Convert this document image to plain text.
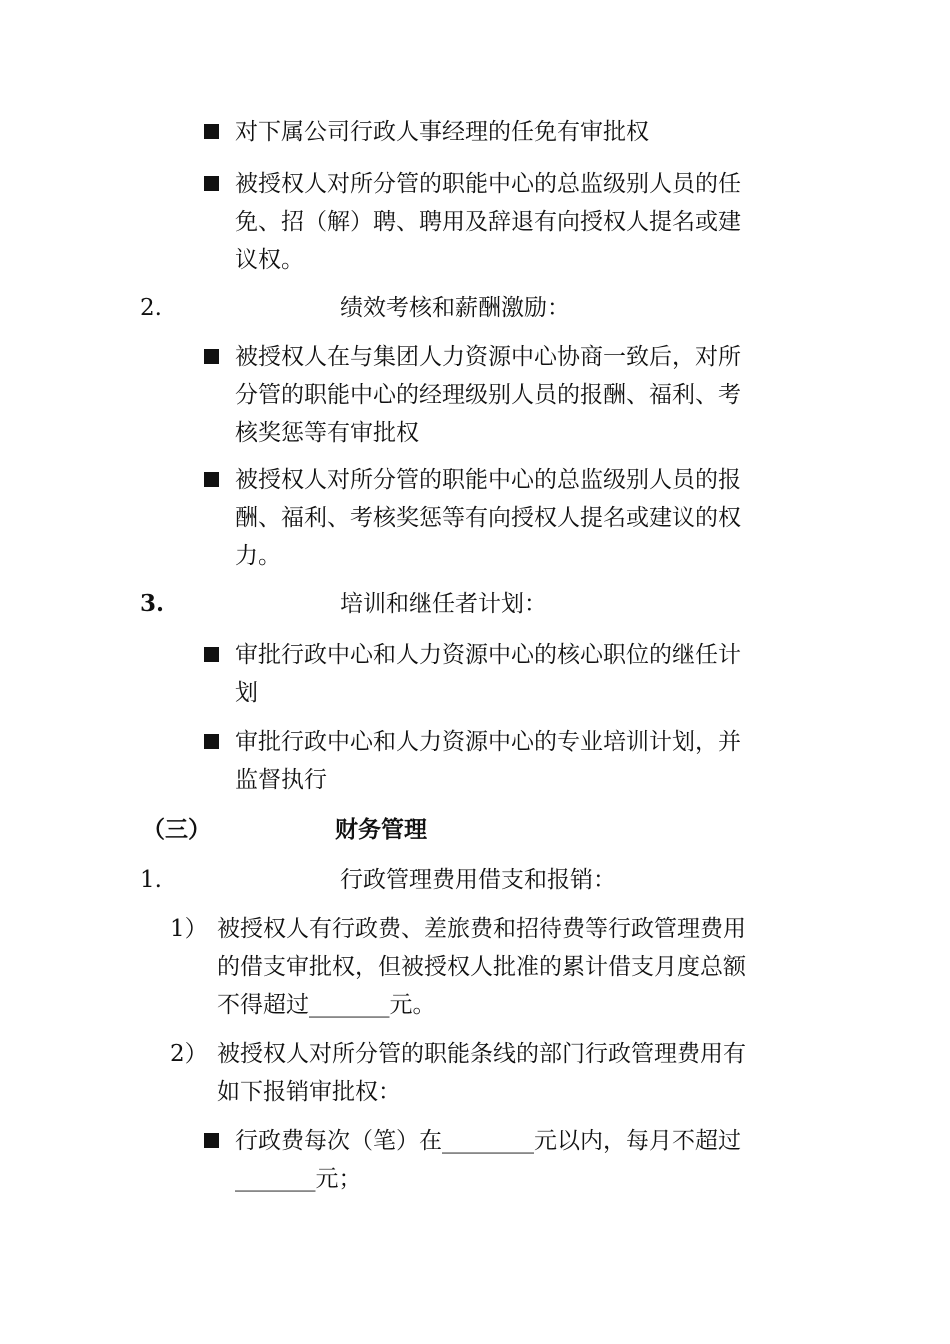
对下属公司行政人事经理的任免有审批权
被授权人对所分管的职能中心的总监级别人员的任
免、招（解）聘、聘用及辞退有向授权人提名或建
议权。
2.	绩效考核和薪酬激励：
被授权人在与集团人力资源中心协商一致后，对所
分管的职能中心的经理级别人员的报酬、福利、考
核奖惩等有审批权
被授权人对所分管的职能中心的总监级别人员的报
酬、福利、考核奖惩等有向授权人提名或建议的权
力。
3.	培训和继任者计划：
审批行政中心和人力资源中心的核心职位的继任计
划
审批行政中心和人力资源中心的专业培训计划，并
监督执行
（三）	财务管理
1.	行政管理费用借支和报销：
1） 被授权人有行政费、差旅费和招待费等行政管理费用
的借支审批权，但被授权人批准的累计借支月度总额
不得超过_______元。
2） 被授权人对所分管的职能条线的部门行政管理费用有
如下报销审批权：
行政费每次（笔）在________元以内，每月不超过
_______元；
